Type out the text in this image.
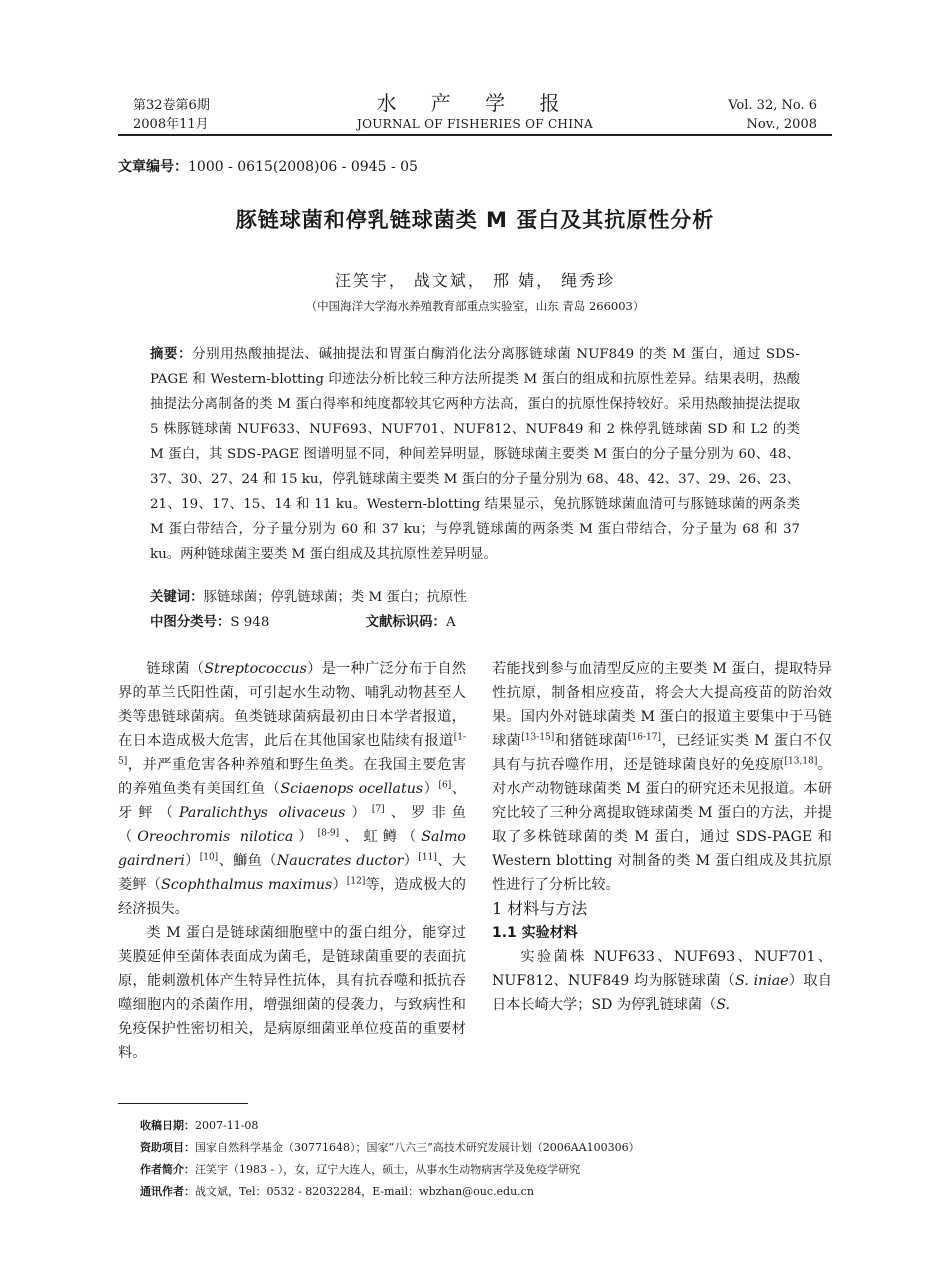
第32卷第6期
2008年11月
水 产 学 报
JOURNAL OF FISHERIES OF CHINA
Vol. 32, No. 6
Nov., 2008
文章编号：1000 - 0615(2008)06 - 0945 - 05
豚链球菌和停乳链球菌类 M 蛋白及其抗原性分析
汪笑宇， 战文斌， 邢 婧， 绳秀珍
（中国海洋大学海水养殖教育部重点实验室，山东 青岛 266003）
摘要：分别用热酸抽提法、碱抽提法和胃蛋白酶消化法分离豚链球菌 NUF849 的类 M 蛋白，通过 SDS-PAGE 和 Western-blotting 印迹法分析比较三种方法所提类 M 蛋白的组成和抗原性差异。结果表明，热酸抽提法分离制备的类 M 蛋白得率和纯度都较其它两种方法高，蛋白的抗原性保持较好。采用热酸抽提法提取 5 株豚链球菌 NUF633、NUF693、NUF701、NUF812、NUF849 和 2 株停乳链球菌 SD 和 L2 的类 M 蛋白，其 SDS-PAGE 图谱明显不同，种间差异明显，豚链球菌主要类 M 蛋白的分子量分别为 60、48、37、30、27、24 和 15 ku，停乳链球菌主要类 M 蛋白的分子量分别为 68、48、42、37、29、26、23、21、19、17、15、14 和 11 ku。Western-blotting 结果显示，兔抗豚链球菌血清可与豚链球菌的两条类 M 蛋白带结合，分子量分别为 60 和 37 ku；与停乳链球菌的两条类 M 蛋白带结合，分子量为 68 和 37 ku。两种链球菌主要类 M 蛋白组成及其抗原性差异明显。
关键词：豚链球菌；停乳链球菌；类 M 蛋白；抗原性
中图分类号：S 948	文献标识码：A

链球菌（Streptococcus）是一种广泛分布于自然界的革兰氏阳性菌，可引起水生动物、哺乳动物甚至人类等患链球菌病。鱼类链球菌病最初由日本学者报道，在日本造成极大危害，此后在其他国家也陆续有报道[1-5]，并严重危害各种养殖和野生鱼类。在我国主要危害的养殖鱼类有美国红鱼（Sciaenops ocellatus）[6]、牙鲆（Paralichthys olivaceus）[7]、罗非鱼（Oreochromis nilotica）[8-9]、虹鳟（Salmo gairdneri）[10]、鰤鱼（Naucrates ductor）[11]、大菱鲆（Scophthalmus maximus）[12]等，造成极大的经济损失。

类 M 蛋白是链球菌细胞壁中的蛋白组分，能穿过荚膜延伸至菌体表面成为菌毛，是链球菌重要的表面抗原，能刺激机体产生特异性抗体，具有抗吞噬和抵抗吞噬细胞内的杀菌作用，增强细菌的侵袭力，与致病性和免疫保护性密切相关，是病原细菌亚单位疫苗的重要材料。

若能找到参与血清型反应的主要类 M 蛋白，提取特异性抗原，制备相应疫苗，将会大大提高疫苗的防治效果。国内外对链球菌类 M 蛋白的报道主要集中于马链球菌[13-15]和猪链球菌[16-17]，已经证实类 M 蛋白不仅具有与抗吞噬作用，还是链球菌良好的免疫原[13,18]。对水产动物链球菌类 M 蛋白的研究还未见报道。本研究比较了三种分离提取链球菌类 M 蛋白的方法，并提取了多株链球菌的类 M 蛋白，通过 SDS-PAGE 和 Western blotting 对制备的类 M 蛋白组成及其抗原性进行了分析比较。

1 材料与方法

1.1 实验材料

实验菌株 NUF633、NUF693、NUF701、NUF812、NUF849 均为豚链球菌（S. iniae）取自日本长崎大学；SD 为停乳链球菌（S.

收稿日期：2007-11-08
资助项目：国家自然科学基金（30771648）；国家“八六三”高技术研究发展计划（2006AA100306）
作者简介：汪笑宇（1983 - ），女，辽宁大连人，硕士，从事水生动物病害学及免疫学研究
通讯作者：战文斌，Tel：0532 - 82032284，E-mail：wbzhan@ouc.edu.cn
